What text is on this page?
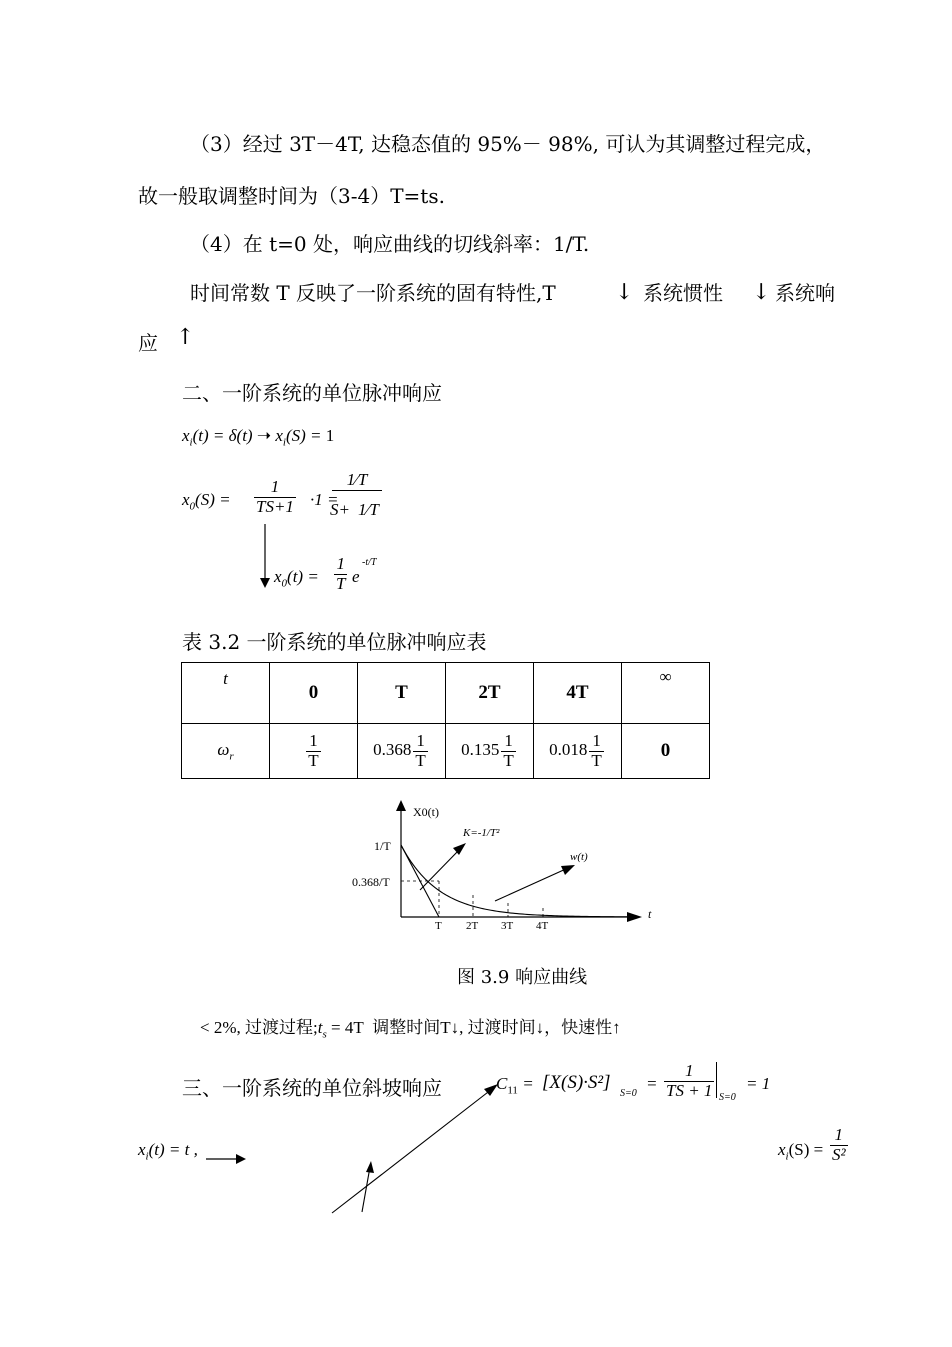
（3）经过 3T－4T, 达稳态值的 95%－ 98%, 可认为其调整过程完成，
故一般取调整时间为（3-4）T=ts.
（4）在 t=0 处，响应曲线的切线斜率：1/T.
时间常数 T 反映了一阶系统的固有特性,T	↓ 系统惯性 ↓ 系统响
应 ↑
二、一阶系统的单位脉冲响应
$x_i(t) = \delta(t)$ ➝ $x_i(S) = 1$
$x_0(S) = \frac{1}{TS+1} \cdot 1$ =
1⁄T
S+ 1⁄T
$x_0(t) = \frac{1}{T}$ e
-t/T
表 3.2 一阶系统的单位脉冲响应表
t	0	T	2T	4T	∞
$\omega_r$	$\frac{1}{T}$	$0.368 \frac{1}{T}$	$0.135 \frac{1}{T}$	$0.018 \frac{1}{T}$	0
X0(t)
t
1/T
0.368/T
T 2T 3T 4T
K=-1/T²
w(t)
图 3.9 响应曲线
< 2%, 过渡过程$;t_s = 4T$ 调整时间T↓, 过渡时间↓，快速性↑
三、一阶系统的单位斜坡响应	$C_{11} = [X(S)\cdot S^2]$
S=0
= $\frac{1}{TS + 1} S=0$
= 1
$x_i(t) = t$ ,	$x_i(S) = \frac{1}{\text{S²}}$
